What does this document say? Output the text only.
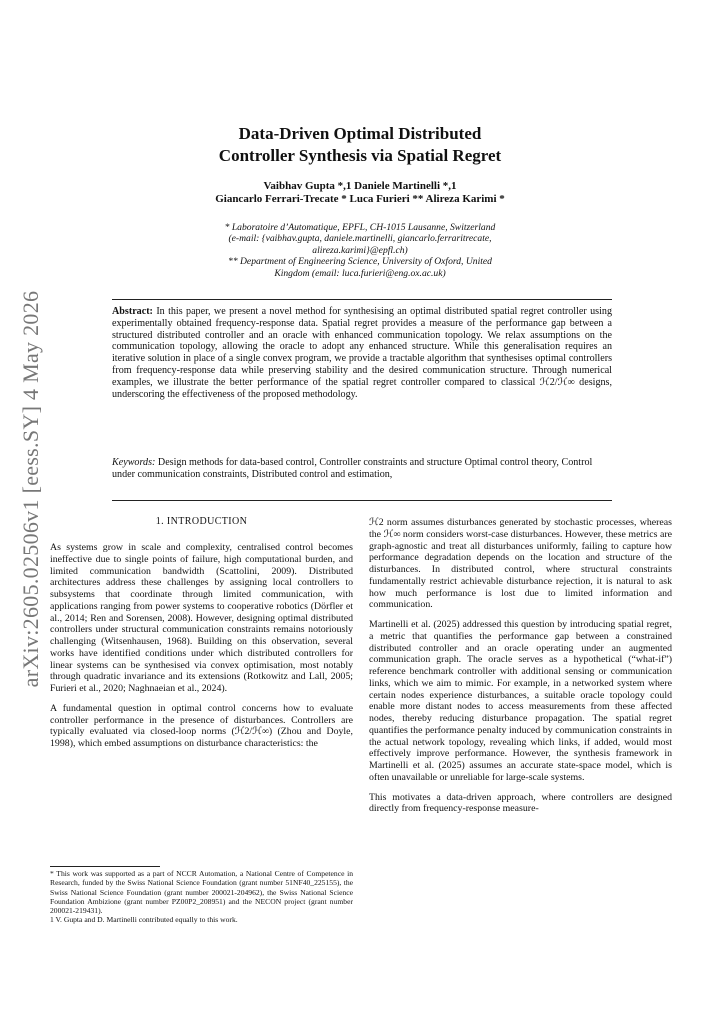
arXiv:2605.02506v1 [eess.SY] 4 May 2026
Data-Driven Optimal Distributed
Controller Synthesis via Spatial Regret
Vaibhav Gupta *,1 Daniele Martinelli *,1
Giancarlo Ferrari-Trecate * Luca Furieri ** Alireza Karimi *
* Laboratoire d’Automatique, EPFL, CH-1015 Lausanne, Switzerland
(e-mail: {vaibhav.gupta, daniele.martinelli, giancarlo.ferraritrecate,
alireza.karimi}@epfl.ch)
** Department of Engineering Science, University of Oxford, United
Kingdom (email: luca.furieri@eng.ox.ac.uk)
Abstract: In this paper, we present a novel method for synthesising an optimal distributed spatial regret controller using experimentally obtained frequency-response data. Spatial regret provides a measure of the performance gap between a structured distributed controller and an oracle with enhanced communication topology. We relax assumptions on the communication topology, allowing the oracle to adopt any enhanced structure. While this generalisation requires an iterative solution in place of a single convex program, we provide a tractable algorithm that synthesises optimal controllers from frequency-response data while preserving stability and the desired communication structure. Through numerical examples, we illustrate the better performance of the spatial regret controller compared to classical ℋ2/ℋ∞ designs, underscoring the effectiveness of the proposed methodology.
Keywords: Design methods for data-based control, Controller constraints and structure Optimal control theory, Control under communication constraints, Distributed control and estimation,
1. INTRODUCTION

As systems grow in scale and complexity, centralised control becomes ineffective due to single points of failure, high computational burden, and limited communication bandwidth (Scattolini, 2009). Distributed architectures address these challenges by assigning local controllers to subsystems that coordinate through limited communication, with applications ranging from power systems to cooperative robotics (Dörfler et al., 2014; Ren and Sorensen, 2008). However, designing optimal distributed controllers under structural communication constraints remains notoriously challenging (Witsenhausen, 1968). Building on this observation, several works have identified conditions under which distributed controllers for linear systems can be synthesised via convex optimisation, most notably through quadratic invariance and its extensions (Rotkowitz and Lall, 2005; Furieri et al., 2020; Naghnaeian et al., 2024).

A fundamental question in optimal control concerns how to evaluate controller performance in the presence of disturbances. Controllers are typically evaluated via closed-loop norms (ℋ2/ℋ∞) (Zhou and Doyle, 1998), which embed assumptions on disturbance characteristics: the

* This work was supported as a part of NCCR Automation, a National Centre of Competence in Research, funded by the Swiss National Science Foundation (grant number 51NF40_225155), the Swiss National Science Foundation (grant number 200021-204962), the Swiss National Science Foundation Ambizione (grant number PZ00P2_208951) and the NECON project (grant number 200021-219431).

1 V. Gupta and D. Martinelli contributed equally to this work.

ℋ2 norm assumes disturbances generated by stochastic processes, whereas the ℋ∞ norm considers worst-case disturbances. However, these metrics are graph-agnostic and treat all disturbances uniformly, failing to capture how performance degradation depends on the location and structure of the disturbances. In distributed control, where structural constraints fundamentally restrict achievable disturbance rejection, it is natural to ask how much performance is lost due to limited information and communication.

Martinelli et al. (2025) addressed this question by introducing spatial regret, a metric that quantifies the performance gap between a constrained distributed controller and an oracle operating under an augmented communication graph. The oracle serves as a hypothetical (“what-if”) reference benchmark controller with additional sensing or communication links, which we aim to mimic. For example, in a networked system where certain nodes experience disturbances, a suitable oracle topology could enable more distant nodes to access measurements from these affected nodes, thereby reducing disturbance propagation. The spatial regret quantifies the performance penalty induced by communication constraints in the actual network topology, revealing which links, if added, would most effectively improve performance. However, the synthesis framework in Martinelli et al. (2025) assumes an accurate state-space model, which is often unavailable or unreliable for large-scale systems.

This motivates a data-driven approach, where controllers are designed directly from frequency-response measure-
